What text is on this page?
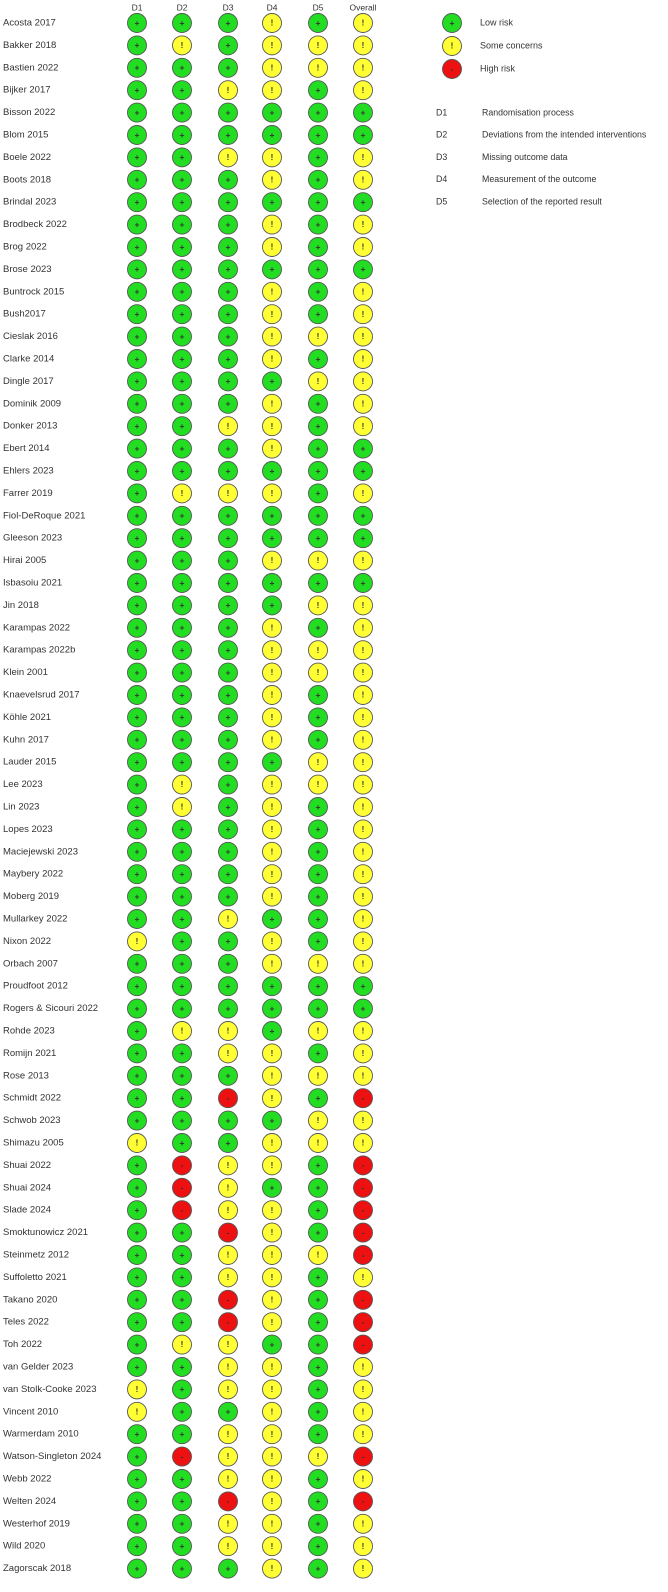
D1	D2	D3	D4	D5	Overall
Acosta 2017	+	+	+	!	+	!
Bakker 2018	+	!	+	!	!	!
Bastien 2022	+	+	+	!	!	!
Bijker 2017	+	+	!	!	+	!
Bisson 2022	+	+	+	+	+	+
Blom 2015	+	+	+	+	+	+
Boele 2022	+	+	!	!	+	!
Boots 2018	+	+	+	!	+	!
Brindal 2023	+	+	+	+	+	+
Brodbeck 2022	+	+	+	!	+	!
Brog 2022	+	+	+	!	+	!
Brose 2023	+	+	+	+	+	+
Buntrock 2015	+	+	+	!	+	!
Bush2017	+	+	+	!	+	!
Cieslak 2016	+	+	+	!	!	!
Clarke 2014	+	+	+	!	+	!
Dingle 2017	+	+	+	+	!	!
Dominik 2009	+	+	+	!	+	!
Donker 2013	+	+	!	!	+	!
Ebert 2014	+	+	+	!	+	+
Ehlers 2023	+	+	+	+	+	+
Farrer 2019	+	!	!	!	+	!
Fiol-DeRoque 2021	+	+	+	+	+	+
Gleeson 2023	+	+	+	+	+	+
Hirai 2005	+	+	+	!	!	!
Isbasoiu 2021	+	+	+	+	+	+
Jin 2018	+	+	+	+	!	!
Karampas 2022	+	+	+	!	+	!
Karampas 2022b	+	+	+	!	!	!
Klein 2001	+	+	+	!	!	!
Knaevelsrud 2017	+	+	+	!	+	!
Köhle 2021	+	+	+	!	+	!
Kuhn 2017	+	+	+	!	+	!
Lauder 2015	+	+	+	+	!	!
Lee 2023	+	!	+	!	!	!
Lin 2023	+	!	+	!	+	!
Lopes 2023	+	+	+	!	+	!
Maciejewski 2023	+	+	+	!	+	!
Maybery 2022	+	+	+	!	+	!
Moberg 2019	+	+	+	!	+	!
Mullarkey 2022	+	+	!	+	+	!
Nixon 2022	!	+	+	!	+	!
Orbach 2007	+	+	+	!	!	!
Proudfoot 2012	+	+	+	+	+	+
Rogers & Sicouri 2022	+	+	+	+	+	+
Rohde 2023	+	!	!	+	!	!
Romijn 2021	+	+	!	!	+	!
Rose 2013	+	+	+	!	!	!
Schmidt 2022	+	+	-	!	+	-
Schwob 2023	+	+	+	+	!	!
Shimazu 2005	!	+	+	!	!	!
Shuai 2022	+	-	!	!	+	-
Shuai 2024	+	-	!	+	+	-
Slade 2024	+	-	!	!	+	-
Smoktunowicz 2021	+	+	-	!	+	-
Steinmetz 2012	+	+	!	!	!	-
Suffoletto 2021	+	+	!	!	+	!
Takano 2020	+	+	-	!	+	-
Teles 2022	+	+	-	!	+	-
Toh 2022	+	!	!	+	+	-
van Gelder 2023	+	+	!	!	+	!
van Stolk-Cooke 2023	!	+	!	!	+	!
Vincent 2010	!	+	+	!	+	!
Warmerdam 2010	+	+	!	!	+	!
Watson-Singleton 2024	+	-	!	!	!	-
Webb 2022	+	+	!	!	+	!
Welten 2024	+	+	-	!	+	-
Westerhof 2019	+	+	!	!	+	!
Wild 2020	+	+	!	!	+	!
Zagorscak 2018	+	+	+	!	+	!
+	Low risk
!	Some concerns
-	High risk
D1	Randomisation process
D2	Deviations from the intended interventions
D3	Missing outcome data
D4	Measurement of the outcome
D5	Selection of the reported result
